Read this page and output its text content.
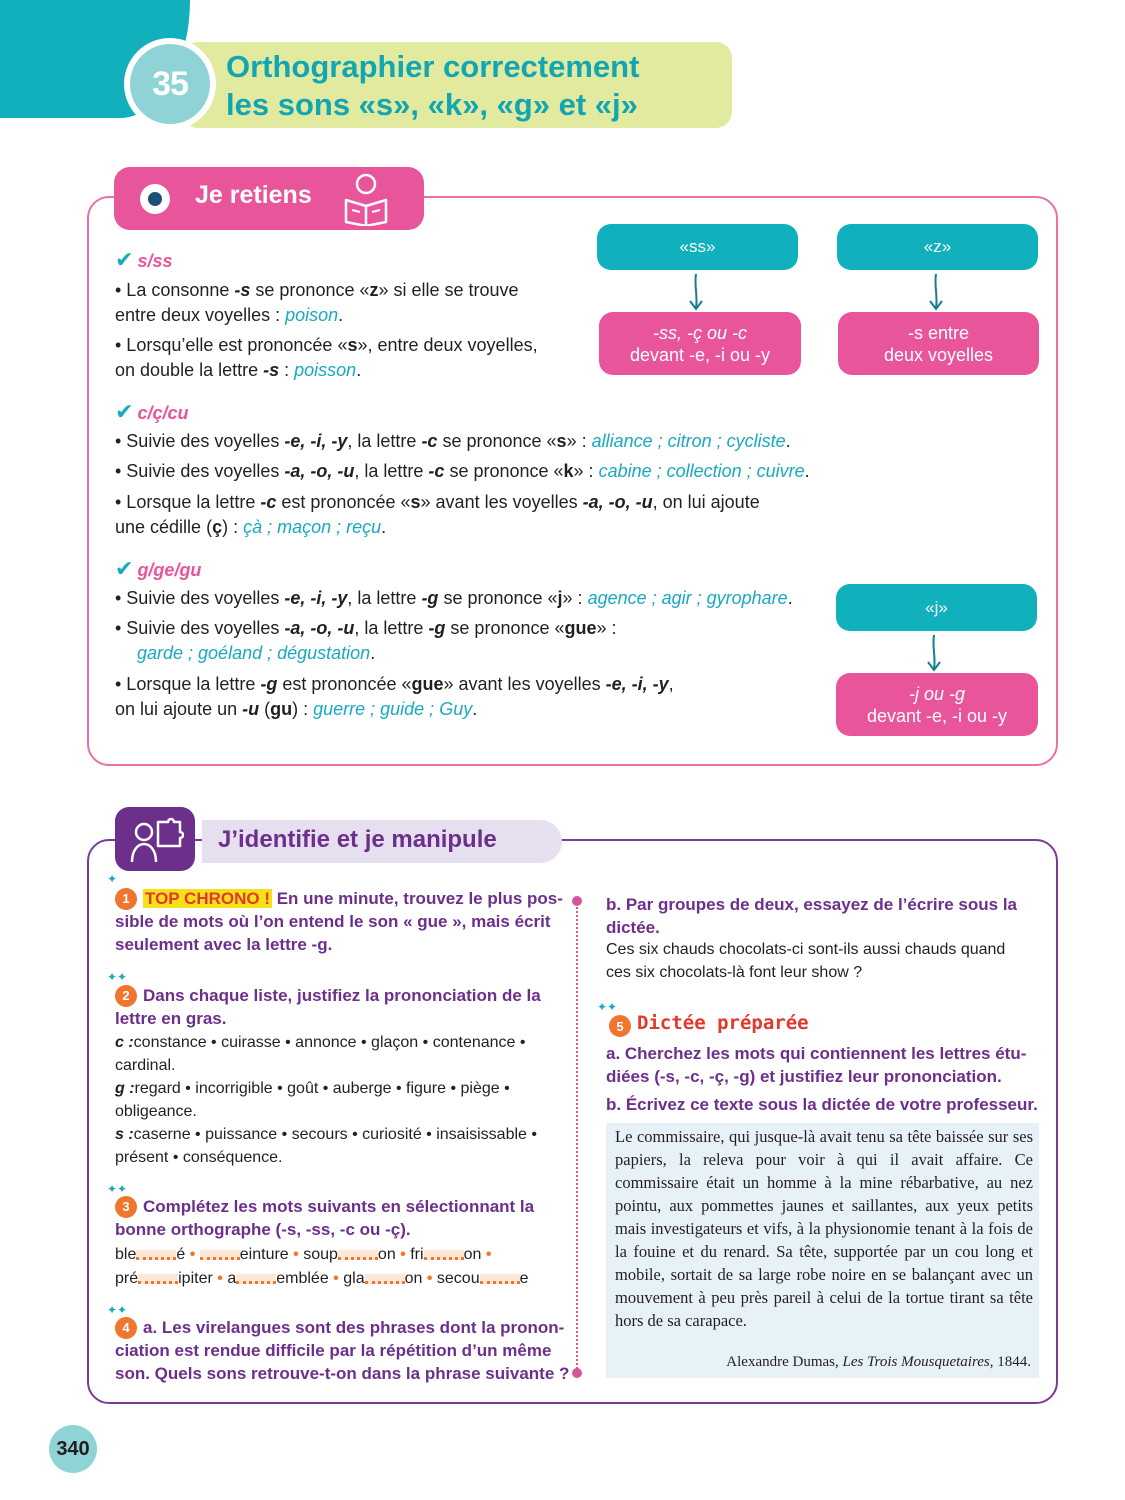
35	Orthographier correctement
les sons «s», «k», «g» et «j»
Je retiens
✔ s/ss
• La consonne -s se prononce «z» si elle se trouve
entre deux voyelles : poison.
• Lorsqu’elle est prononcée «s», entre deux voyelles,
on double la lettre -s : poisson.
✔ c/ç/cu
• Suivie des voyelles -e, -i, -y, la lettre -c se prononce «s» : alliance ; citron ; cycliste.
• Suivie des voyelles -a, -o, -u, la lettre -c se prononce «k» : cabine ; collection ; cuivre.
• Lorsque la lettre -c est prononcée «s» avant les voyelles -a, -o, -u, on lui ajoute
une cédille (ç) : çà ; maçon ; reçu.
✔ g/ge/gu
• Suivie des voyelles -e, -i, -y, la lettre -g se prononce «j» : agence ; agir ; gyrophare.
• Suivie des voyelles -a, -o, -u, la lettre -g se prononce «gue» :
garde ; goéland ; dégustation.
• Lorsque la lettre -g est prononcée «gue» avant les voyelles -e, -i, -y,
on lui ajoute un -u (gu) : guerre ; guide ; Guy.
«ss»
-ss, -ç ou -c
devant -e, -i ou -y
«z»
-s entre
deux voyelles
«j»
-j ou -g
devant -e, -i ou -y
J’identifie et je manipule
✦
1 TOP CHRONO ! En une minute, trouvez le plus pos-
sible de mots où l’on entend le son « gue », mais écrit
seulement avec la lettre -g.
✦✦
2 Dans chaque liste, justifiez la prononciation de la
lettre en gras.
c :constance • cuirasse • annonce • glaçon • contenance •
cardinal.
g :regard • incorrigible • goût • auberge • figure • piège •
obligeance.
s :caserne • puissance • secours • curiosité • insaisissable •
présent • conséquence.
✦✦
3 Complétez les mots suivants en sélectionnant la
bonne orthographe (-s, -ss, -c ou -ç).
ble	é •	einture • soup	on • fri	on •
pré	ipiter • a	emblée • gla	on • secou	e
✦✦
4 a. Les virelangues sont des phrases dont la pronon-
ciation est rendue difficile par la répétition d’un même
son. Quels sons retrouve-t-on dans la phrase suivante ?
b. Par groupes de deux, essayez de l’écrire sous la
dictée.
Ces six chauds chocolats-ci sont-ils aussi chauds quand
ces six chocolats-là font leur show ?
✦✦
5 Dictée préparée
a. Cherchez les mots qui contiennent les lettres étu-
diées (-s, -c, -ç, -g) et justifiez leur prononciation.
b. Écrivez ce texte sous la dictée de votre professeur.
Le commissaire, qui jusque-là avait tenu sa tête baissée sur ses papiers, la releva pour voir à qui il avait affaire. Ce commissaire était un homme à la mine rébarbative, au nez pointu, aux pommettes jaunes et saillantes, aux yeux petits mais investigateurs et vifs, à la physionomie tenant à la fois de la fouine et du renard. Sa tête, supportée par un cou long et mobile, sortait de sa large robe noire en se balançant avec un mouvement à peu près pareil à celui de la tortue tirant sa tête hors de sa carapace.
Alexandre Dumas, Les Trois Mousquetaires, 1844.
340
